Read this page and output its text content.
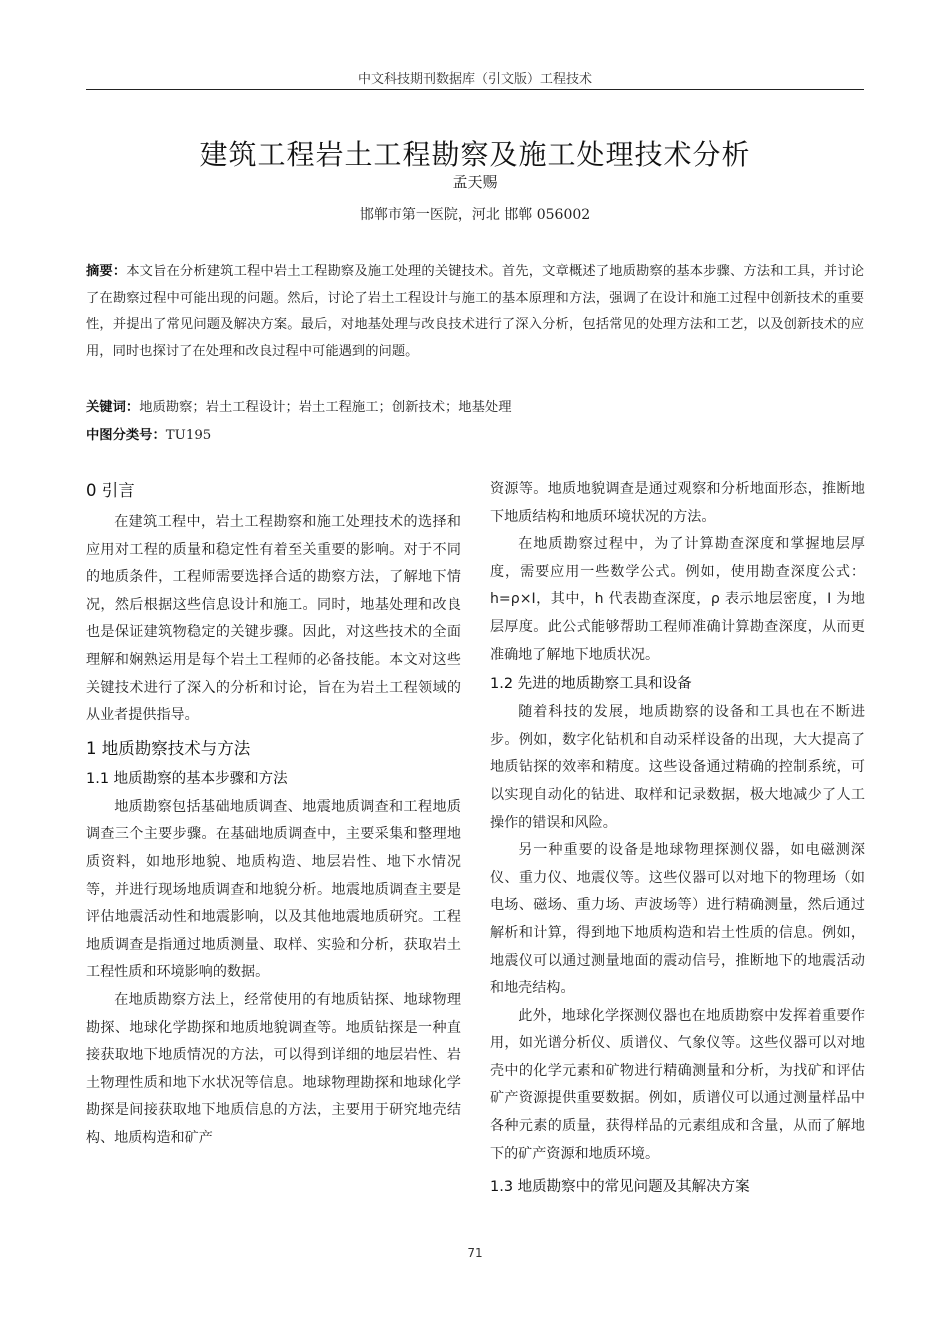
中文科技期刊数据库（引文版）工程技术
建筑工程岩土工程勘察及施工处理技术分析
孟天赐
邯郸市第一医院，河北 邯郸 056002
摘要：本文旨在分析建筑工程中岩土工程勘察及施工处理的关键技术。首先，文章概述了地质勘察的基本步骤、方法和工具，并讨论了在勘察过程中可能出现的问题。然后，讨论了岩土工程设计与施工的基本原理和方法，强调了在设计和施工过程中创新技术的重要性，并提出了常见问题及解决方案。最后，对地基处理与改良技术进行了深入分析，包括常见的处理方法和工艺，以及创新技术的应用，同时也探讨了在处理和改良过程中可能遇到的问题。
关键词：地质勘察；岩土工程设计；岩土工程施工；创新技术；地基处理
中图分类号：TU195
0 引言

在建筑工程中，岩土工程勘察和施工处理技术的选择和应用对工程的质量和稳定性有着至关重要的影响。对于不同的地质条件，工程师需要选择合适的勘察方法，了解地下情况，然后根据这些信息设计和施工。同时，地基处理和改良也是保证建筑物稳定的关键步骤。因此，对这些技术的全面理解和娴熟运用是每个岩土工程师的必备技能。本文对这些关键技术进行了深入的分析和讨论，旨在为岩土工程领域的从业者提供指导。

1 地质勘察技术与方法
1.1 地质勘察的基本步骤和方法

地质勘察包括基础地质调查、地震地质调查和工程地质调查三个主要步骤。在基础地质调查中，主要采集和整理地质资料，如地形地貌、地质构造、地层岩性、地下水情况等，并进行现场地质调查和地貌分析。地震地质调查主要是评估地震活动性和地震影响，以及其他地震地质研究。工程地质调查是指通过地质测量、取样、实验和分析，获取岩土工程性质和环境影响的数据。

在地质勘察方法上，经常使用的有地质钻探、地球物理勘探、地球化学勘探和地质地貌调查等。地质钻探是一种直接获取地下地质情况的方法，可以得到详细的地层岩性、岩土物理性质和地下水状况等信息。地球物理勘探和地球化学勘探是间接获取地下地质信息的方法，主要用于研究地壳结构、地质构造和矿产

资源等。地质地貌调查是通过观察和分析地面形态，推断地下地质结构和地质环境状况的方法。

在地质勘察过程中，为了计算勘查深度和掌握地层厚度，需要应用一些数学公式。例如，使用勘查深度公式：h=ρ×I，其中，h 代表勘查深度，ρ 表示地层密度，I 为地层厚度。此公式能够帮助工程师准确计算勘查深度，从而更准确地了解地下地质状况。

1.2 先进的地质勘察工具和设备

随着科技的发展，地质勘察的设备和工具也在不断进步。例如，数字化钻机和自动采样设备的出现，大大提高了地质钻探的效率和精度。这些设备通过精确的控制系统，可以实现自动化的钻进、取样和记录数据，极大地减少了人工操作的错误和风险。

另一种重要的设备是地球物理探测仪器，如电磁测深仪、重力仪、地震仪等。这些仪器可以对地下的物理场（如电场、磁场、重力场、声波场等）进行精确测量，然后通过解析和计算，得到地下地质构造和岩土性质的信息。例如，地震仪可以通过测量地面的震动信号，推断地下的地震活动和地壳结构。

此外，地球化学探测仪器也在地质勘察中发挥着重要作用，如光谱分析仪、质谱仪、气象仪等。这些仪器可以对地壳中的化学元素和矿物进行精确测量和分析，为找矿和评估矿产资源提供重要数据。例如，质谱仪可以通过测量样品中各种元素的质量，获得样品的元素组成和含量，从而了解地下的矿产资源和地质环境。

1.3 地质勘察中的常见问题及其解决方案
71
